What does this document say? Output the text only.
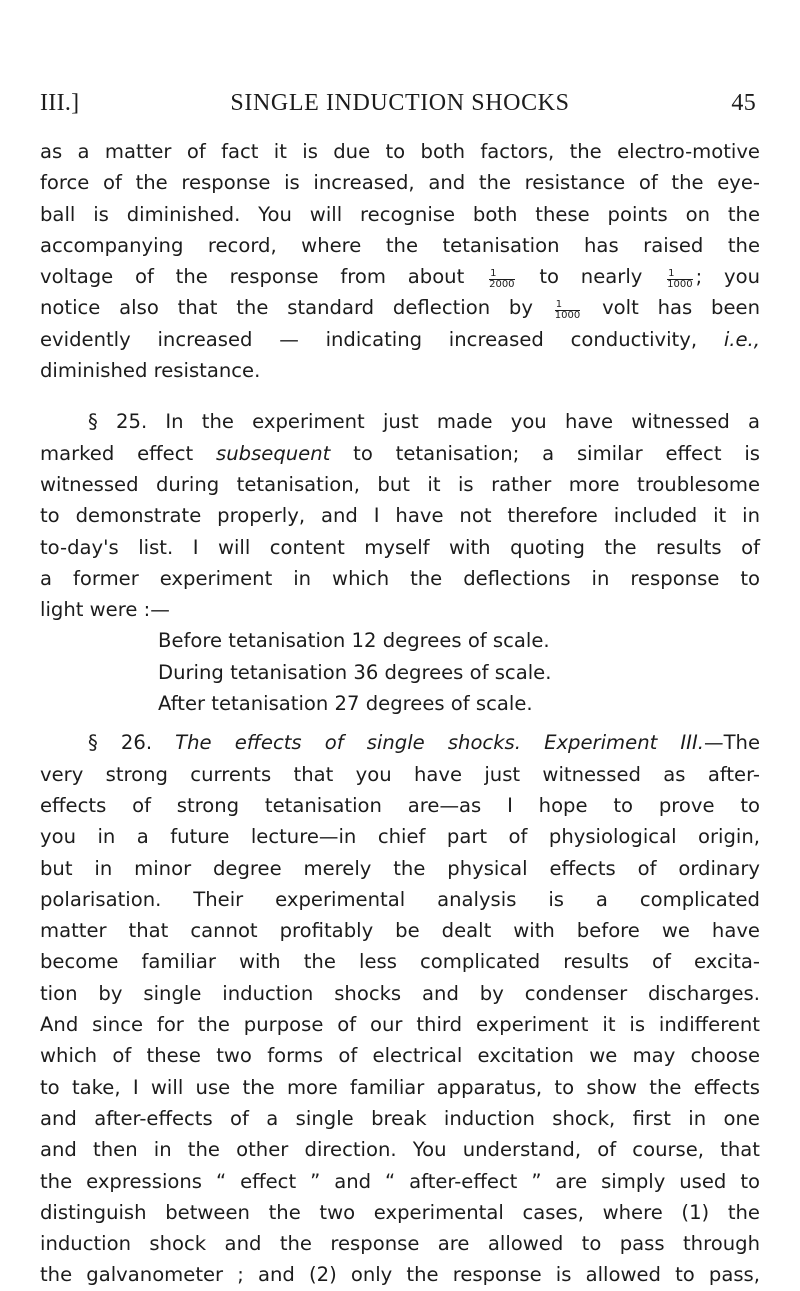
III.]	SINGLE INDUCTION SHOCKS	45
as a matter of fact it is due to both factors, the electro-motive
force of the response is increased, and the resistance of the eye-
ball is diminished. You will recognise both these points on the
accompanying record, where the tetanisation has raised the
voltage of the response from about $\frac{1}{2000}$ to nearly $\frac{1}{1000}$ ; you
notice also that the standard deflection by $\frac{1}{1000}$ volt has been
evidently increased — indicating increased conductivity, i.e.,
diminished resistance.
§ 25. In the experiment just made you have witnessed a
marked effect subsequent to tetanisation; a similar effect is
witnessed during tetanisation, but it is rather more troublesome
to demonstrate properly, and I have not therefore included it in
to-day's list. I will content myself with quoting the results of
a former experiment in which the deflections in response to
light were :—
Before tetanisation 12 degrees of scale.
During tetanisation 36 degrees of scale.
After tetanisation 27 degrees of scale.
§ 26. The effects of single shocks. Experiment III.—The
very strong currents that you have just witnessed as after-
effects of strong tetanisation are—as I hope to prove to
you in a future lecture—in chief part of physiological origin,
but in minor degree merely the physical effects of ordinary
polarisation. Their experimental analysis is a complicated
matter that cannot profitably be dealt with before we have
become familiar with the less complicated results of excita-
tion by single induction shocks and by condenser discharges.
And since for the purpose of our third experiment it is indifferent
which of these two forms of electrical excitation we may choose
to take, I will use the more familiar apparatus, to show the effects
and after-effects of a single break induction shock, first in one
and then in the other direction. You understand, of course, that
the expressions “ effect ” and “ after-effect ” are simply used to
distinguish between the two experimental cases, where (1) the
induction shock and the response are allowed to pass through
the galvanometer ; and (2) only the response is allowed to pass,
